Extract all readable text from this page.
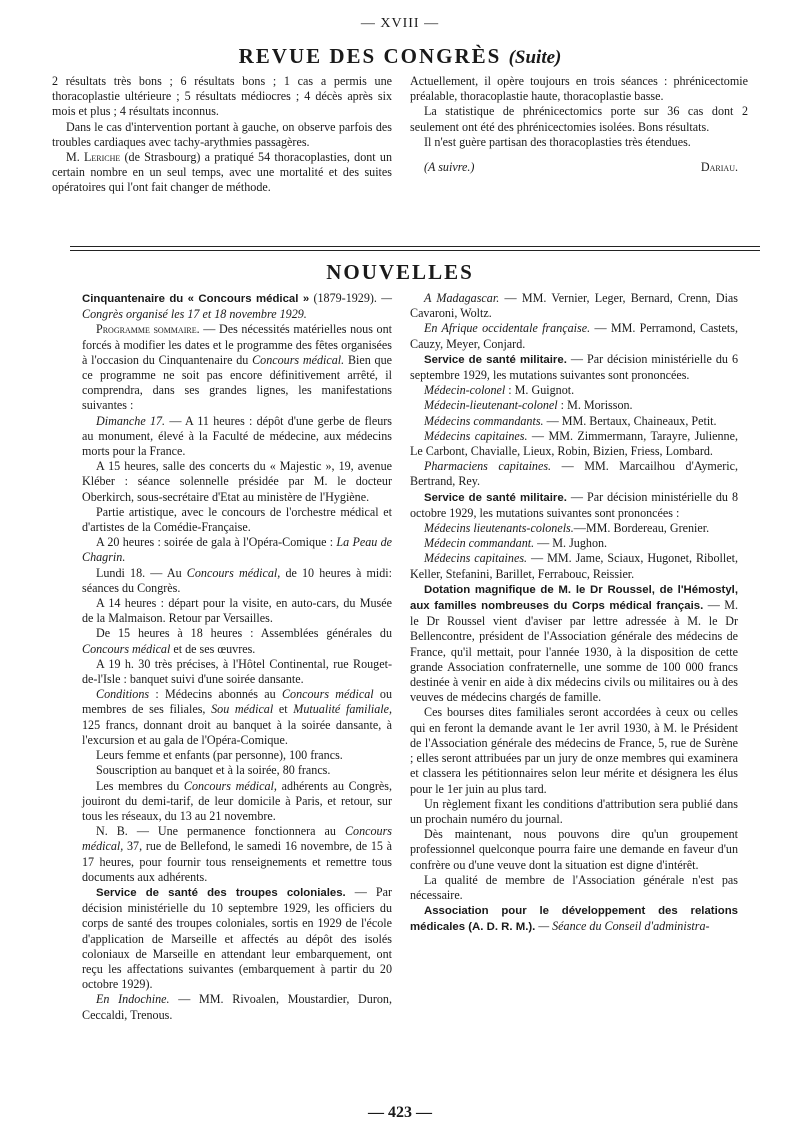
— XVIII —
REVUE DES CONGRÈS (Suite)

2 résultats très bons ; 6 résultats bons ; 1 cas a permis une thoracoplastie ultérieure ; 5 résultats médiocres ; 4 décès après six mois et plus ; 4 résultats inconnus.

Dans le cas d'intervention portant à gauche, on observe parfois des troubles cardiaques avec tachy-arythmies passagères.

M. Leriche (de Strasbourg) a pratiqué 54 thoracoplasties, dont un certain nombre en un seul temps, avec une mortalité et des suites opératoires qui l'ont fait changer de méthode.

Actuellement, il opère toujours en trois séances : phrénicectomie préalable, thoracoplastie haute, thoracoplastie basse.

La statistique de phrénicectomics porte sur 36 cas dont 2 seulement ont été des phrénicectomies isolées. Bons résultats.

Il n'est guère partisan des thoracoplasties très étendues.

(A suivre.)	Dariau.
NOUVELLES

Cinquantenaire du « Concours médical » (1879-1929). — Congrès organisé les 17 et 18 novembre 1929.

Programme sommaire. — Des nécessités matérielles nous ont forcés à modifier les dates et le programme des fêtes organisées à l'occasion du Cinquantenaire du Concours médical. Bien que ce programme ne soit pas encore définitivement arrêté, il comprendra, dans ses grandes lignes, les manifestations suivantes :

Dimanche 17. — A 11 heures : dépôt d'une gerbe de fleurs au monument, élevé à la Faculté de médecine, aux médecins morts pour la France.

A 15 heures, salle des concerts du « Majestic », 19, avenue Kléber : séance solennelle présidée par M. le docteur Oberkirch, sous-secrétaire d'Etat au ministère de l'Hygiène.

Partie artistique, avec le concours de l'orchestre médical et d'artistes de la Comédie-Française.

A 20 heures : soirée de gala à l'Opéra-Comique : La Peau de Chagrin.

Lundi 18. — Au Concours médical, de 10 heures à midi: séances du Congrès.

A 14 heures : départ pour la visite, en auto-cars, du Musée de la Malmaison. Retour par Versailles.

De 15 heures à 18 heures : Assemblées générales du Concours médical et de ses œuvres.

A 19 h. 30 très précises, à l'Hôtel Continental, rue Rouget-de-l'Isle : banquet suivi d'une soirée dansante.

Conditions : Médecins abonnés au Concours médical ou membres de ses filiales, Sou médical et Mutualité familiale, 125 francs, donnant droit au banquet à la soirée dansante, à l'excursion et au gala de l'Opéra-Comique.

Leurs femme et enfants (par personne), 100 francs.

Souscription au banquet et à la soirée, 80 francs.

Les membres du Concours médical, adhérents au Congrès, jouiront du demi-tarif, de leur domicile à Paris, et retour, sur tous les réseaux, du 13 au 21 novembre.

N. B. — Une permanence fonctionnera au Concours médical, 37, rue de Bellefond, le samedi 16 novembre, de 15 à 17 heures, pour fournir tous renseignements et remettre tous documents aux adhérents.

Service de santé des troupes coloniales. — Par décision ministérielle du 10 septembre 1929, les officiers du corps de santé des troupes coloniales, sortis en 1929 de l'école d'application de Marseille et affectés au dépôt des isolés coloniaux de Marseille en attendant leur embarquement, ont reçu les affectations suivantes (embarquement à partir du 20 octobre 1929).

En Indochine. — MM. Rivoalen, Moustardier, Duron, Ceccaldi, Trenous.

A Madagascar. — MM. Vernier, Leger, Bernard, Crenn, Dias Cavaroni, Woltz.

En Afrique occidentale française. — MM. Perramond, Castets, Cauzy, Meyer, Conjard.

Service de santé militaire. — Par décision ministérielle du 6 septembre 1929, les mutations suivantes sont prononcées.

Médecin-colonel : M. Guignot.

Médecin-lieutenant-colonel : M. Morisson.

Médecins commandants. — MM. Bertaux, Chaineaux, Petit.

Médecins capitaines. — MM. Zimmermann, Tarayre, Julienne, Le Carbont, Chavialle, Lieux, Robin, Bizien, Friess, Lombard.

Pharmaciens capitaines. — MM. Marcailhou d'Aymeric, Bertrand, Rey.

Service de santé militaire. — Par décision ministérielle du 8 octobre 1929, les mutations suivantes sont prononcées :

Médecins lieutenants-colonels.—MM. Bordereau, Grenier.

Médecin commandant. — M. Jughon.

Médecins capitaines. — MM. Jame, Sciaux, Hugonet, Ribollet, Keller, Stefanini, Barillet, Ferrabouc, Reissier.

Dotation magnifique de M. le Dr Roussel, de l'Hémostyl, aux familles nombreuses du Corps médical français. — M. le Dr Roussel vient d'aviser par lettre adressée à M. le Dr Bellencontre, président de l'Association générale des médecins de France, qu'il mettait, pour l'année 1930, à la disposition de cette grande Association confraternelle, une somme de 100 000 francs destinée à venir en aide à dix médecins civils ou militaires ou à des veuves de médecins chargés de famille.

Ces bourses dites familiales seront accordées à ceux ou celles qui en feront la demande avant le 1er avril 1930, à M. le Président de l'Association générale des médecins de France, 5, rue de Surène ; elles seront attribuées par un jury de onze membres qui examinera et classera les pétitionnaires selon leur mérite et désignera les élus pour le 1er juin au plus tard.

Un règlement fixant les conditions d'attribution sera publié dans un prochain numéro du journal.

Dès maintenant, nous pouvons dire qu'un groupement professionnel quelconque pourra faire une demande en faveur d'un confrère ou d'une veuve dont la situation est digne d'intérêt.

La qualité de membre de l'Association générale n'est pas nécessaire.

Association pour le développement des relations médicales (A. D. R. M.). — Séance du Conseil d'administra-

— 423 —
